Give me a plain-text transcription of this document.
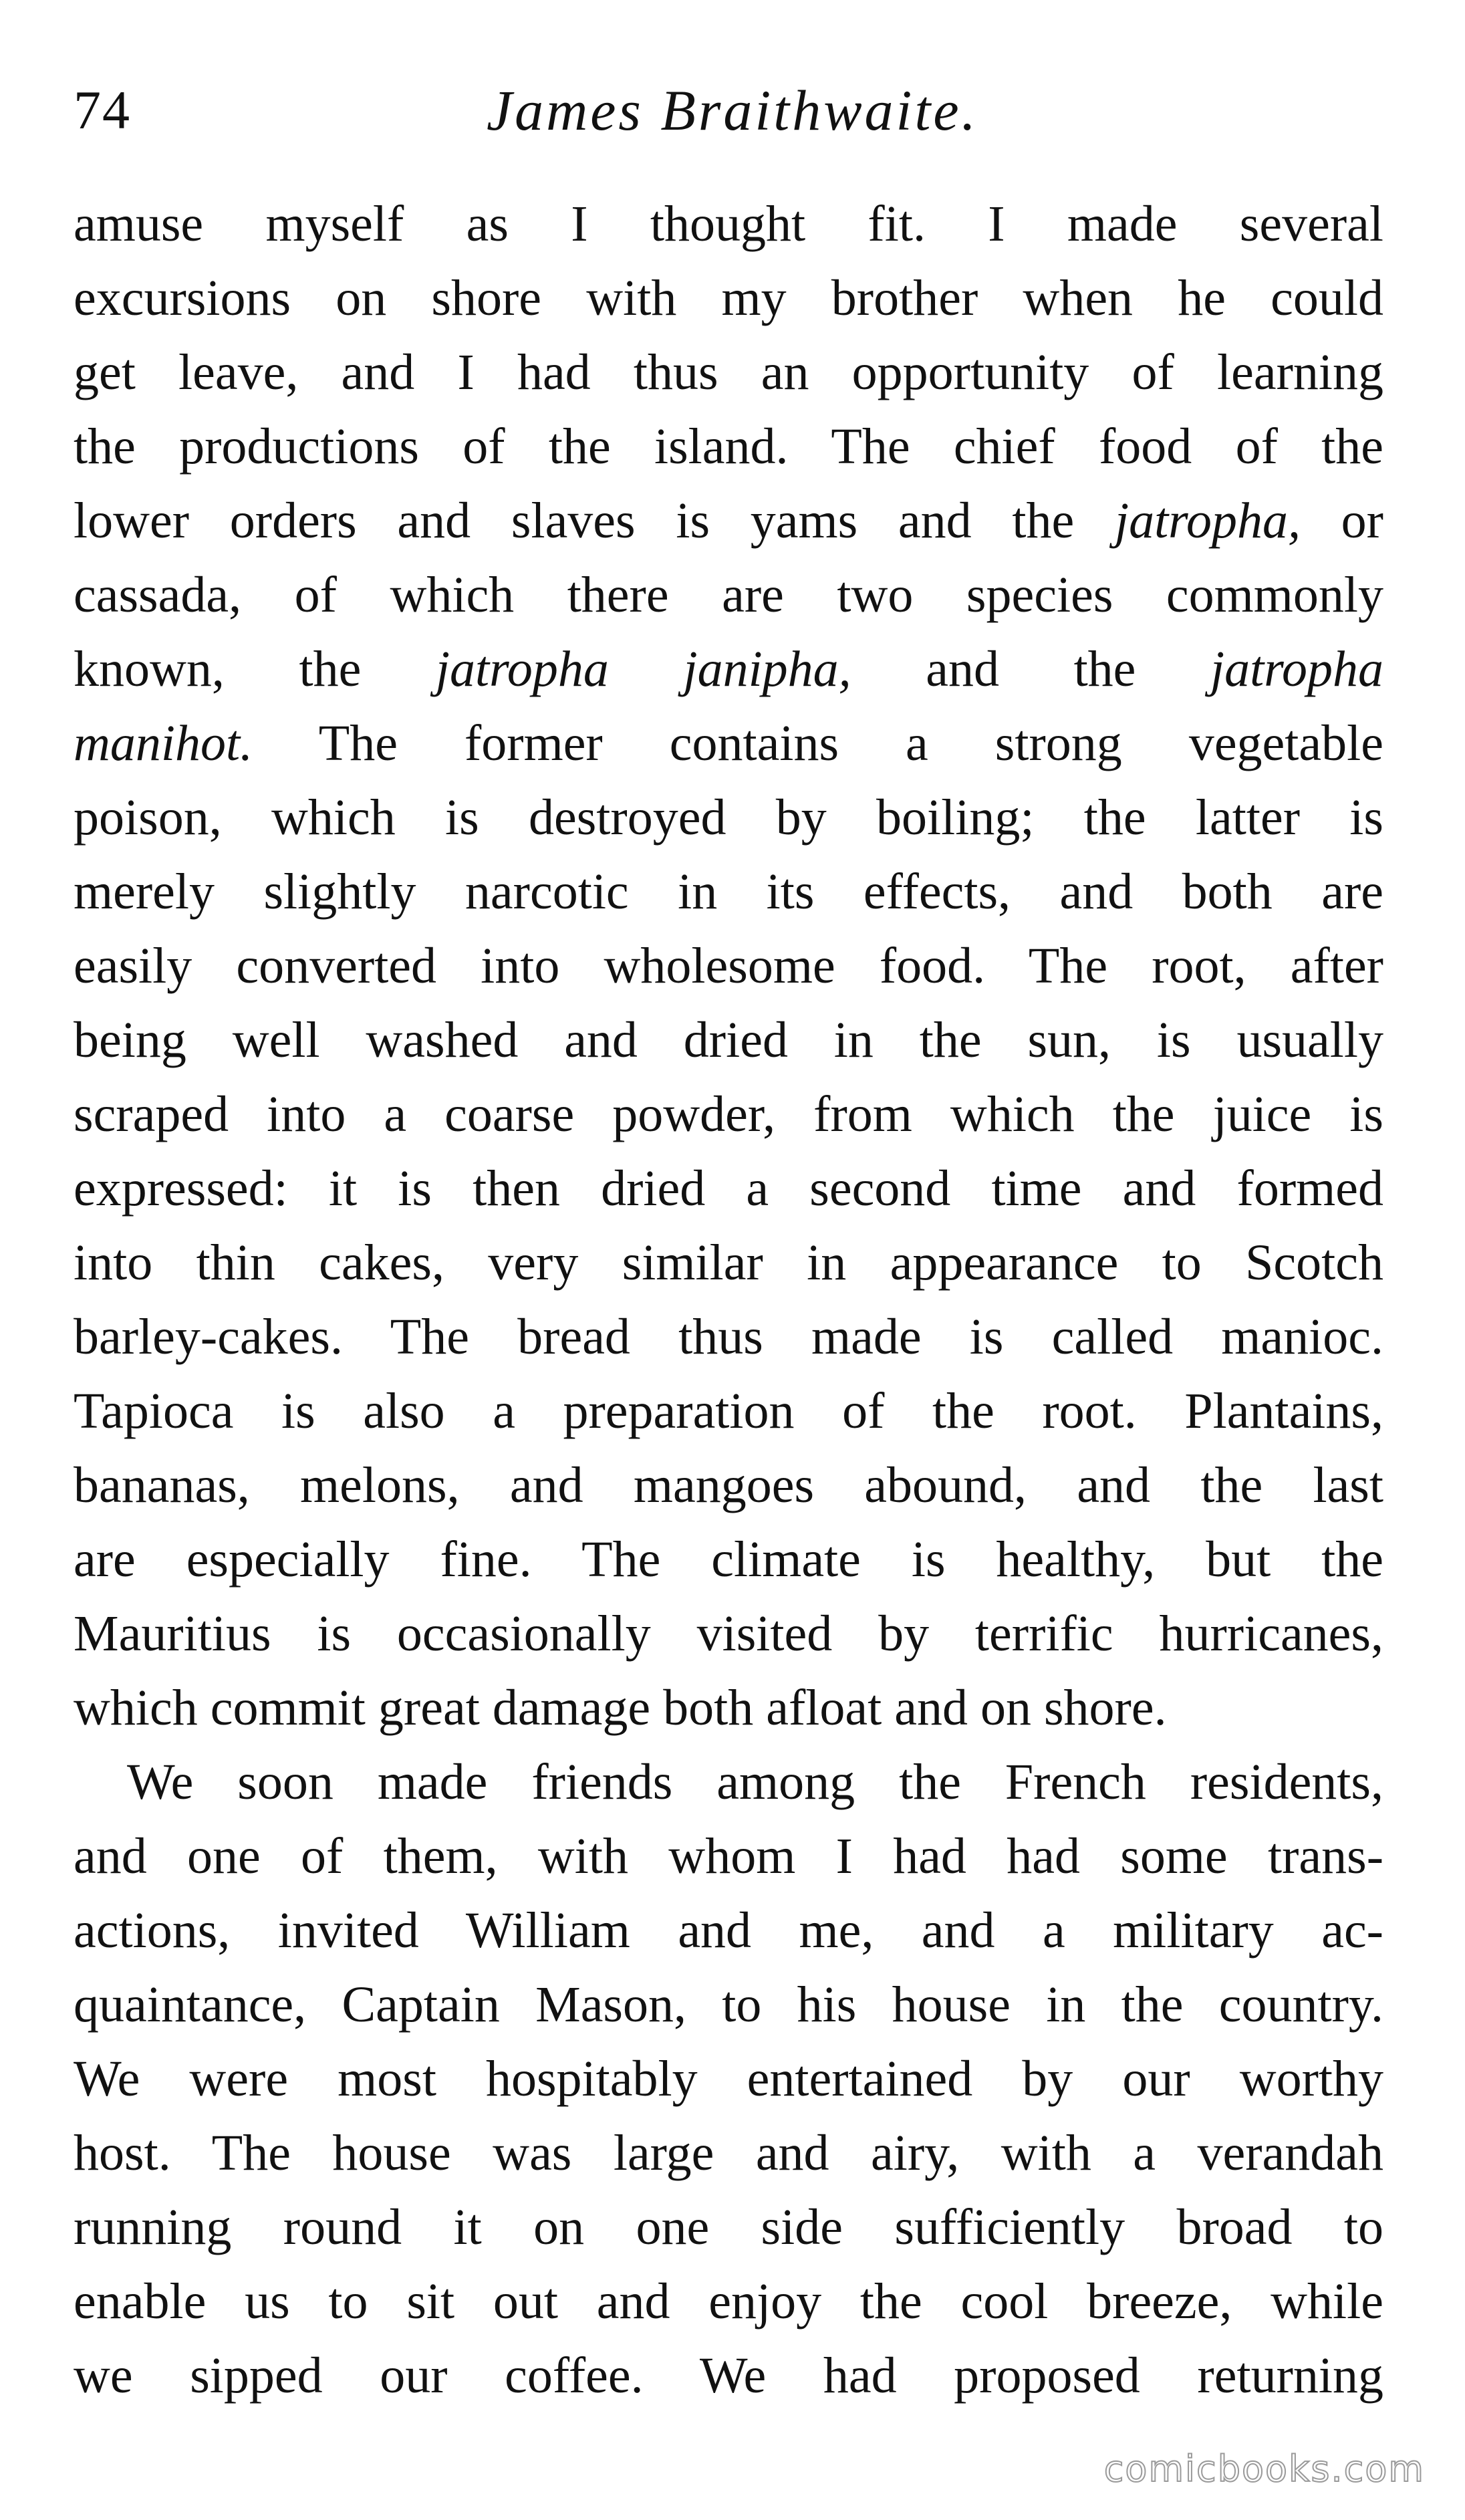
74	James Braithwaite.
amuse myself as I thought fit. I made several
excursions on shore with my brother when he could
get leave, and I had thus an opportunity of learning
the productions of the island. The chief food of the
lower orders and slaves is yams and the jatropha, or
cassada, of which there are two species commonly
known, the jatropha janipha, and the jatropha
manihot. The former contains a strong vegetable
poison, which is destroyed by boiling; the latter is
merely slightly narcotic in its effects, and both are
easily converted into wholesome food. The root, after
being well washed and dried in the sun, is usually
scraped into a coarse powder, from which the juice is
expressed: it is then dried a second time and formed
into thin cakes, very similar in appearance to Scotch
barley-cakes. The bread thus made is called manioc.
Tapioca is also a preparation of the root. Plantains,
bananas, melons, and mangoes abound, and the last
are especially fine. The climate is healthy, but the
Mauritius is occasionally visited by terrific hurricanes,
which commit great damage both afloat and on shore.
We soon made friends among the French residents,
and one of them, with whom I had had some trans-
actions, invited William and me, and a military ac-
quaintance, Captain Mason, to his house in the country.
We were most hospitably entertained by our worthy
host. The house was large and airy, with a verandah
running round it on one side sufficiently broad to
enable us to sit out and enjoy the cool breeze, while
we sipped our coffee. We had proposed returning
comicbooks.com
